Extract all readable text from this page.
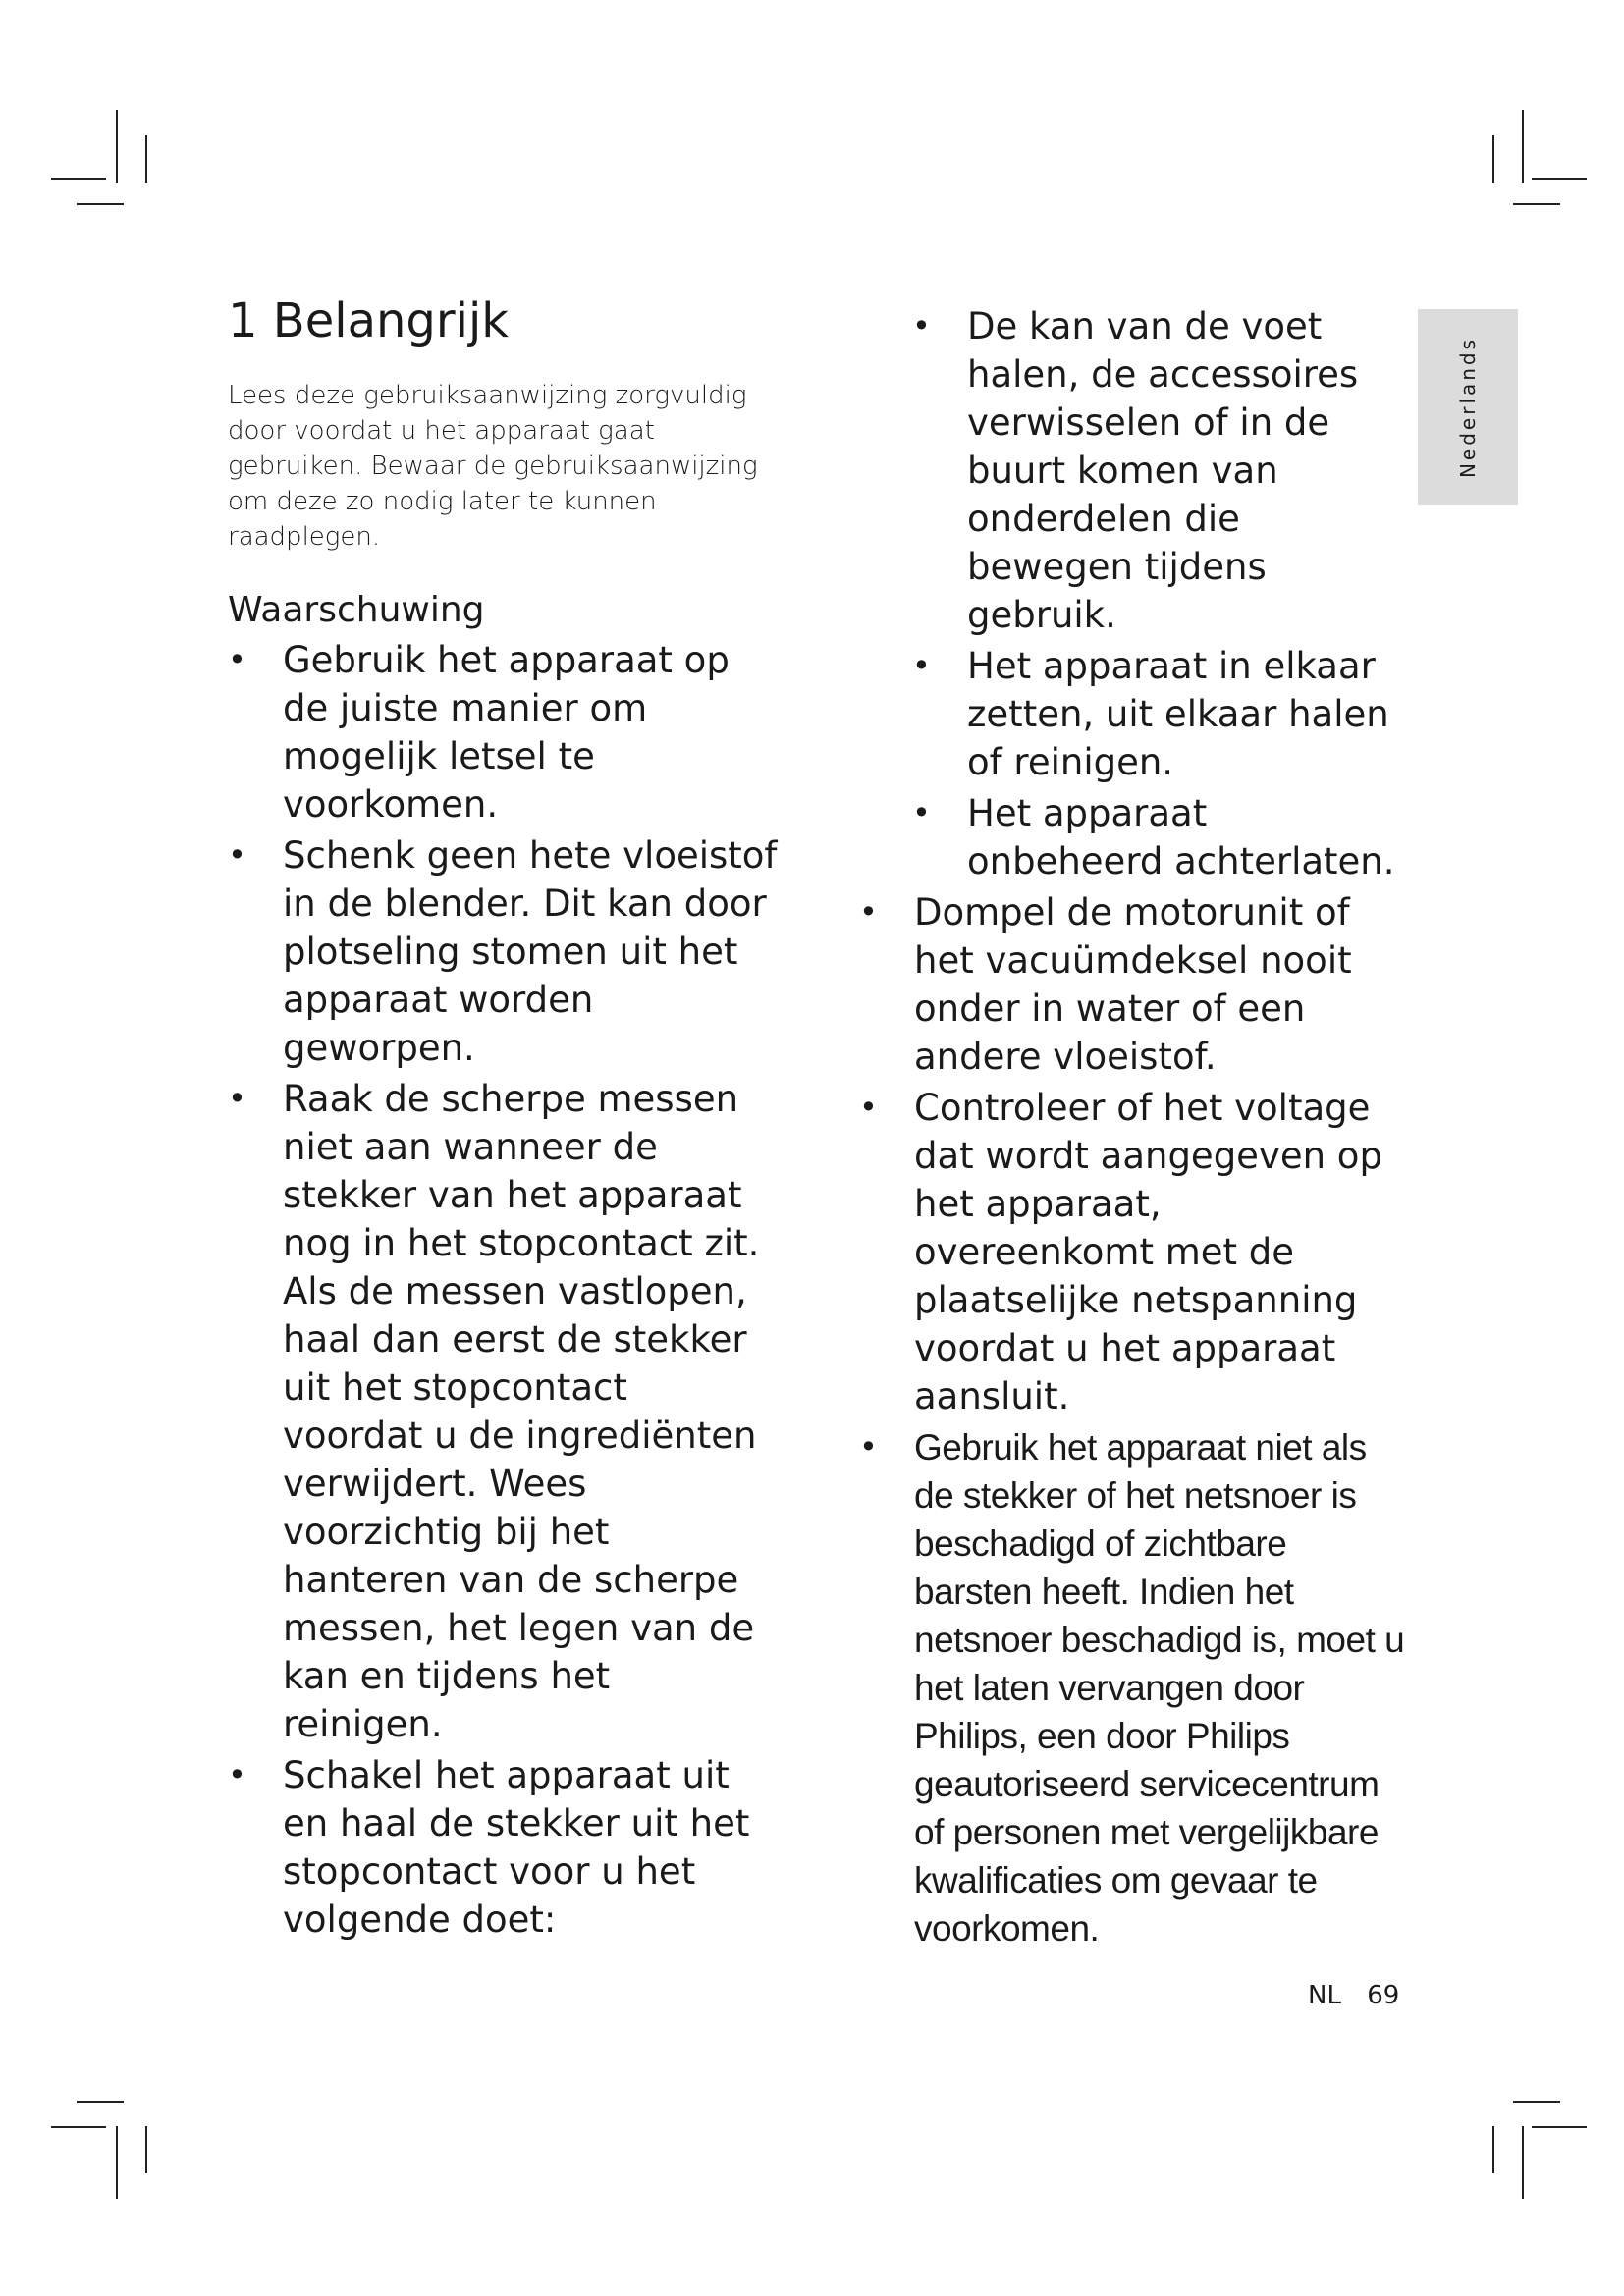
1 Belangrijk

Lees deze gebruiksaanwijzing zorgvuldig door voordat u het apparaat gaat gebruiken. Bewaar de gebruiksaanwijzing om deze zo nodig later te kunnen raadplegen.

Waarschuwing
• Gebruik het apparaat op de juiste manier om mogelijk letsel te voorkomen.
• Schenk geen hete vloeistof in de blender. Dit kan door plotseling stomen uit het apparaat worden geworpen.
• Raak de scherpe messen niet aan wanneer de stekker van het apparaat nog in het stopcontact zit. Als de messen vastlopen, haal dan eerst de stekker uit het stopcontact voordat u de ingrediënten verwijdert. Wees voorzichtig bij het hanteren van de scherpe messen, het legen van de kan en tijdens het reinigen.
• Schakel het apparaat uit en haal de stekker uit het stopcontact voor u het volgende doet:
• De kan van de voet halen, de accessoires verwisselen of in de buurt komen van onderdelen die bewegen tijdens gebruik.
• Het apparaat in elkaar zetten, uit elkaar halen of reinigen.
• Het apparaat onbeheerd achterlaten.
• Dompel de motorunit of het vacuümdeksel nooit onder in water of een andere vloeistof.
• Controleer of het voltage dat wordt aangegeven op het apparaat, overeenkomt met de plaatselijke netspanning voordat u het apparaat aansluit.
• Gebruik het apparaat niet als de stekker of het netsnoer is beschadigd of zichtbare barsten heeft. Indien het netsnoer beschadigd is, moet u het laten vervangen door Philips, een door Philips geautoriseerd servicecentrum of personen met vergelijkbare kwalificaties om gevaar te voorkomen.
Nederlands
NL 69
